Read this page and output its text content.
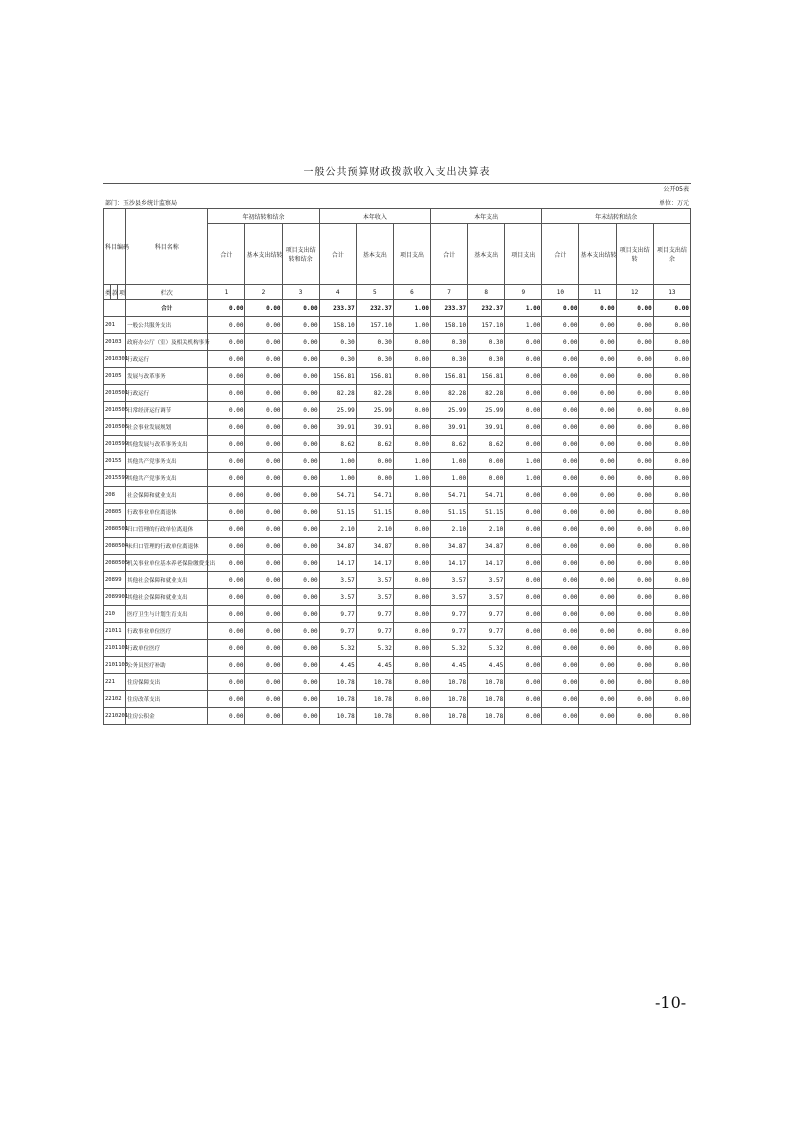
一般公共预算财政拨款收入支出决算表
公开05表
部门：玉沙县乡统计监察局	单位：万元
科目编码			科目名称	年初结转和结余			本年收入			本年支出			年末结转和结余			
				合计	基本支出结转	项目支出结转和结余	合计	基本支出	项目支出	合计	基本支出	项目支出	合计	基本支出结转	项目支出结转	项目支出结余
类	款	项	栏次	1	2	3	4	5	6	7	8	9	10	11	12	13
			合计	0.00	0.00	0.00	233.37	232.37	1.00	233.37	232.37	1.00	0.00	0.00	0.00	0.00
201			一般公共服务支出	0.00	0.00	0.00	158.10	157.10	1.00	158.10	157.10	1.00	0.00	0.00	0.00	0.00
20103			政府办公厅（室）及相关机构事务	0.00	0.00	0.00	0.30	0.30	0.00	0.30	0.30	0.00	0.00	0.00	0.00	0.00
2010301			行政运行	0.00	0.00	0.00	0.30	0.30	0.00	0.30	0.30	0.00	0.00	0.00	0.00	0.00
20105			发展与改革事务	0.00	0.00	0.00	156.81	156.81	0.00	156.81	156.81	0.00	0.00	0.00	0.00	0.00
2010501			行政运行	0.00	0.00	0.00	82.28	82.28	0.00	82.28	82.28	0.00	0.00	0.00	0.00	0.00
2010505			日常经济运行调节	0.00	0.00	0.00	25.99	25.99	0.00	25.99	25.99	0.00	0.00	0.00	0.00	0.00
2010506			社会事业发展规划	0.00	0.00	0.00	39.91	39.91	0.00	39.91	39.91	0.00	0.00	0.00	0.00	0.00
2010599			其他发展与改革事务支出	0.00	0.00	0.00	8.62	8.62	0.00	8.62	8.62	0.00	0.00	0.00	0.00	0.00
20155			其他共产党事务支出	0.00	0.00	0.00	1.00	0.00	1.00	1.00	0.00	1.00	0.00	0.00	0.00	0.00
2015599			其他共产党事务支出	0.00	0.00	0.00	1.00	0.00	1.00	1.00	0.00	1.00	0.00	0.00	0.00	0.00
208			社会保障和就业支出	0.00	0.00	0.00	54.71	54.71	0.00	54.71	54.71	0.00	0.00	0.00	0.00	0.00
20805			行政事业单位离退休	0.00	0.00	0.00	51.15	51.15	0.00	51.15	51.15	0.00	0.00	0.00	0.00	0.00
2080501			归口管理的行政单位离退休	0.00	0.00	0.00	2.10	2.10	0.00	2.10	2.10	0.00	0.00	0.00	0.00	0.00
2080504			未归口管理的行政单位离退休	0.00	0.00	0.00	34.87	34.87	0.00	34.87	34.87	0.00	0.00	0.00	0.00	0.00
2080505			机关事业单位基本养老保险缴费支出	0.00	0.00	0.00	14.17	14.17	0.00	14.17	14.17	0.00	0.00	0.00	0.00	0.00
20899			其他社会保障和就业支出	0.00	0.00	0.00	3.57	3.57	0.00	3.57	3.57	0.00	0.00	0.00	0.00	0.00
2089901			其他社会保障和就业支出	0.00	0.00	0.00	3.57	3.57	0.00	3.57	3.57	0.00	0.00	0.00	0.00	0.00
210			医疗卫生与计划生育支出	0.00	0.00	0.00	9.77	9.77	0.00	9.77	9.77	0.00	0.00	0.00	0.00	0.00
21011			行政事业单位医疗	0.00	0.00	0.00	9.77	9.77	0.00	9.77	9.77	0.00	0.00	0.00	0.00	0.00
2101101			行政单位医疗	0.00	0.00	0.00	5.32	5.32	0.00	5.32	5.32	0.00	0.00	0.00	0.00	0.00
2101103			公务员医疗补助	0.00	0.00	0.00	4.45	4.45	0.00	4.45	4.45	0.00	0.00	0.00	0.00	0.00
221			住房保障支出	0.00	0.00	0.00	10.78	10.78	0.00	10.78	10.78	0.00	0.00	0.00	0.00	0.00
22102			住房改革支出	0.00	0.00	0.00	10.78	10.78	0.00	10.78	10.78	0.00	0.00	0.00	0.00	0.00
2210201			住房公积金	0.00	0.00	0.00	10.78	10.78	0.00	10.78	10.78	0.00	0.00	0.00	0.00	0.00
-10-
